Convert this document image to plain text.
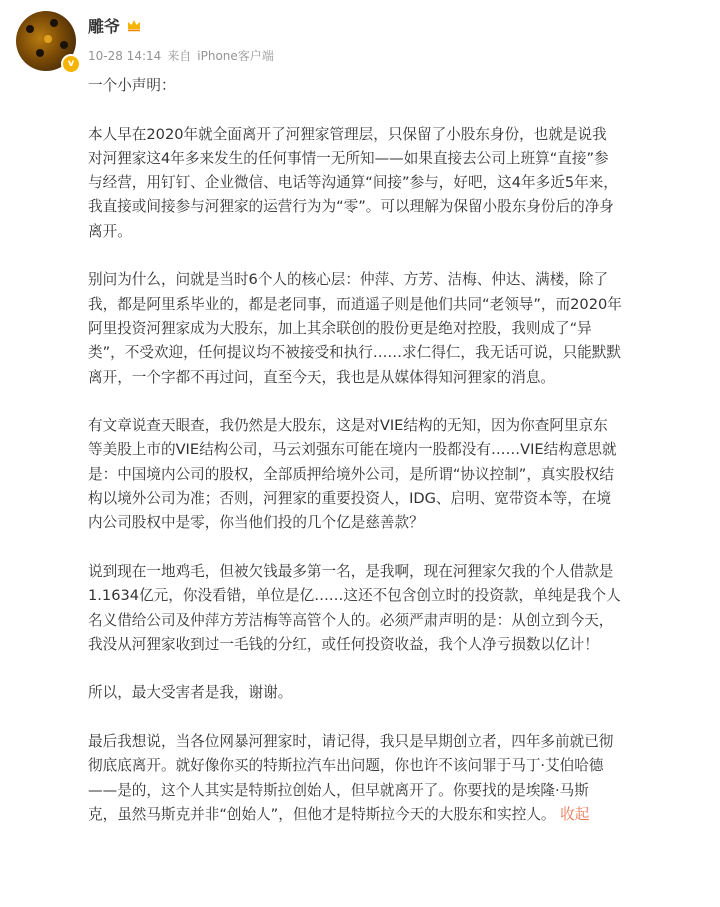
v
雕爷
10-28 14:14 来自 iPhone客户端

一个小声明：

本人早在2020年就全面离开了河狸家管理层，只保留了小股东身份，也就是说我
对河狸家这4年多来发生的任何事情一无所知——如果直接去公司上班算“直接”参
与经营，用钉钉、企业微信、电话等沟通算“间接”参与，好吧，这4年多近5年来，
我直接或间接参与河狸家的运营行为为“零”。可以理解为保留小股东身份后的净身
离开。

别问为什么，问就是当时6个人的核心层：仲萍、方芳、洁梅、仲达、满楼，除了
我，都是阿里系毕业的，都是老同事，而逍遥子则是他们共同“老领导”，而2020年
阿里投资河狸家成为大股东，加上其余联创的股份更是绝对控股，我则成了“异
类”，不受欢迎，任何提议均不被接受和执行……求仁得仁，我无话可说，只能默默
离开，一个字都不再过问，直至今天，我也是从媒体得知河狸家的消息。

有文章说查天眼查，我仍然是大股东，这是对VIE结构的无知，因为你查阿里京东
等美股上市的VIE结构公司，马云刘强东可能在境内一股都没有……VIE结构意思就
是：中国境内公司的股权，全部质押给境外公司，是所谓“协议控制”，真实股权结
构以境外公司为准；否则，河狸家的重要投资人，IDG、启明、宽带资本等，在境
内公司股权中是零，你当他们投的几个亿是慈善款？

说到现在一地鸡毛，但被欠钱最多第一名，是我啊，现在河狸家欠我的个人借款是
1.1634亿元，你没看错，单位是亿……这还不包含创立时的投资款，单纯是我个人
名义借给公司及仲萍方芳洁梅等高管个人的。必须严肃声明的是：从创立到今天，
我没从河狸家收到过一毛钱的分红，或任何投资收益，我个人净亏损数以亿计！

所以，最大受害者是我，谢谢。

最后我想说，当各位网暴河狸家时，请记得，我只是早期创立者，四年多前就已彻
彻底底离开。就好像你买的特斯拉汽车出问题，你也许不该问罪于马丁·艾伯哈德
——是的，这个人其实是特斯拉创始人，但早就离开了。你要找的是埃隆·马斯
克，虽然马斯克并非“创始人”，但他才是特斯拉今天的大股东和实控人。 收起
